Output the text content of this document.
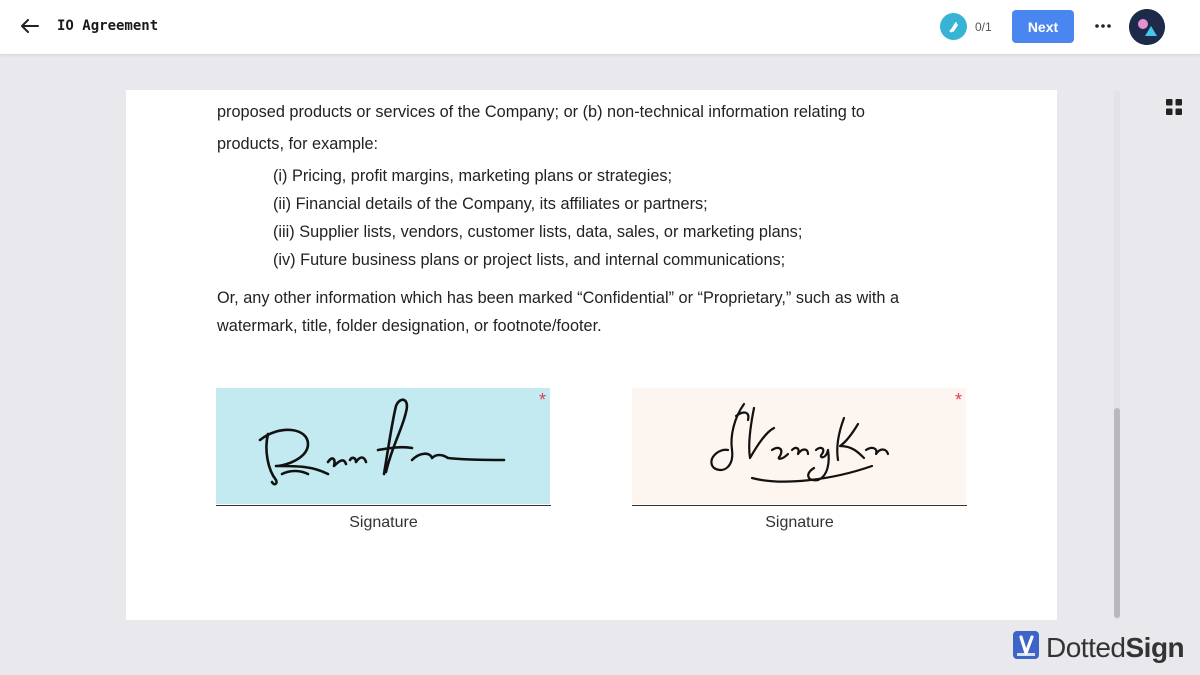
IO Agreement	0/1	Next
proposed products or services of the Company; or (b) non-technical information relating to
products, for example:
(i) Pricing, profit margins, marketing plans or strategies;
(ii) Financial details of the Company, its affiliates or partners;
(iii) Supplier lists, vendors, customer lists, data, sales, or marketing plans;
(iv) Future business plans or project lists, and internal communications;
Or, any other information which has been marked “Confidential” or “Proprietary,” such as with a
watermark, title, folder designation, or footnote/footer.
*
Signature
*
Signature
DottedSign
